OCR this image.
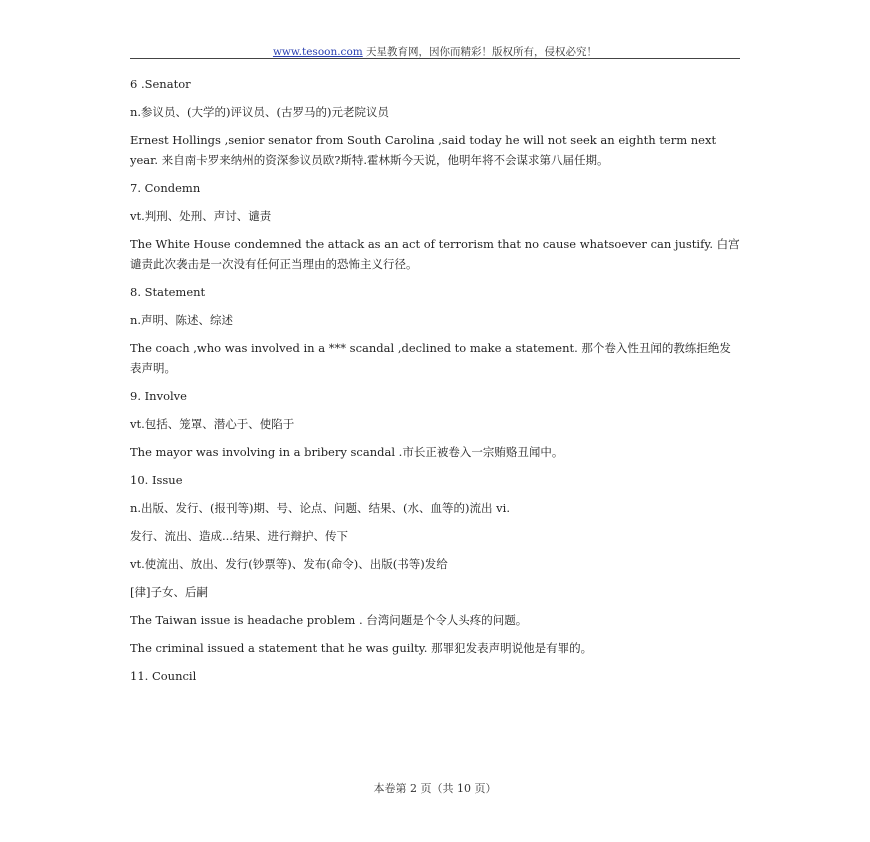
www.tesoon.com 天星教育网，因你而精彩！版权所有，侵权必究！

6 .Senator

n.参议员、(大学的)评议员、(古罗马的)元老院议员

Ernest Hollings ,senior senator from South Carolina ,said today he will not seek an eighth term next year. 来自南卡罗来纳州的资深参议员欧?斯特.霍林斯今天说，他明年将不会谋求第八届任期。

7. Condemn

vt.判刑、处刑、声讨、谴责

The White House condemned the attack as an act of terrorism that no cause whatsoever can justify. 白宫谴责此次袭击是一次没有任何正当理由的恐怖主义行径。

8. Statement

n.声明、陈述、综述

The coach ,who was involved in a *** scandal ,declined to make a statement. 那个卷入性丑闻的教练拒绝发表声明。

9. Involve

vt.包括、笼罩、潜心于、使陷于

The mayor was involving in a bribery scandal .市长正被卷入一宗贿赂丑闻中。

10. Issue

n.出版、发行、(报刊等)期、号、论点、问题、结果、(水、血等的)流出 vi.

发行、流出、造成...结果、进行辩护、传下

vt.使流出、放出、发行(钞票等)、发布(命令)、出版(书等)发给

[律]子女、后嗣

The Taiwan issue is headache problem . 台湾问题是个令人头疼的问题。

The criminal issued a statement that he was guilty. 那罪犯发表声明说他是有罪的。

11. Council

本卷第 2 页（共 10 页）
